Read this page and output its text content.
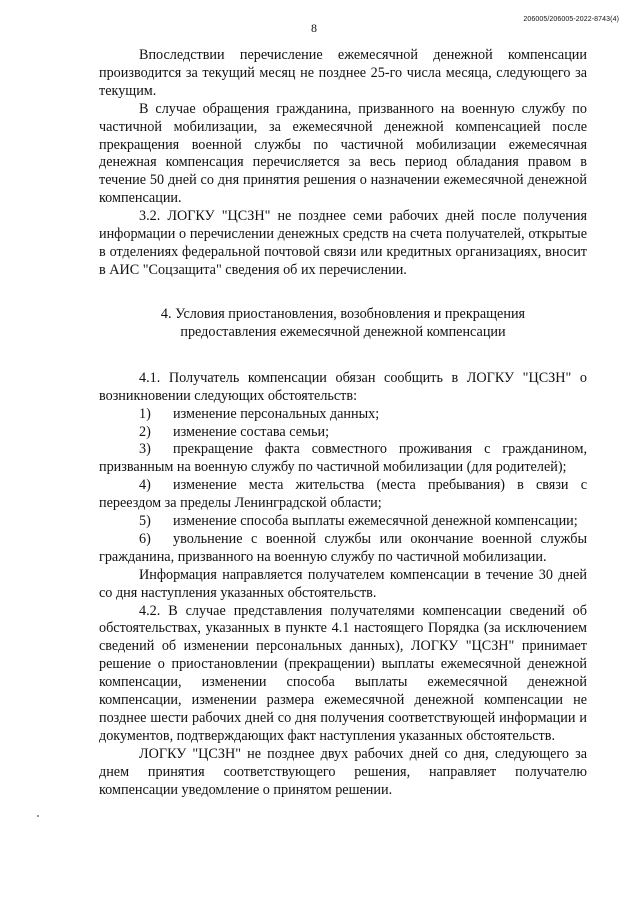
8
206005/206005-2022-8743(4)

Впоследствии перечисление ежемесячной денежной компенсации производится за текущий месяц не позднее 25-го числа месяца, следующего за текущим.

В случае обращения гражданина, призванного на военную службу по частичной мобилизации, за ежемесячной денежной компенсацией после прекращения военной службы по частичной мобилизации ежемесячная денежная компенсация перечисляется за весь период обладания правом в течение 50 дней со дня принятия решения о назначении ежемесячной денежной компенсации.

3.2. ЛОГКУ "ЦСЗН" не позднее семи рабочих дней после получения информации о перечислении денежных средств на счета получателей, открытые в отделениях федеральной почтовой связи или кредитных организациях, вносит в АИС "Соцзащита" сведения об их перечислении.

4. Условия приостановления, возобновления и прекращения
предоставления ежемесячной денежной компенсации

4.1. Получатель компенсации обязан сообщить в ЛОГКУ "ЦСЗН" о возникновении следующих обстоятельств:

1) изменение персональных данных;

2) изменение состава семьи;

3) прекращение факта совместного проживания с гражданином, призванным на военную службу по частичной мобилизации (для родителей);

4) изменение места жительства (места пребывания) в связи с переездом за пределы Ленинградской области;

5) изменение способа выплаты ежемесячной денежной компенсации;

6) увольнение с военной службы или окончание военной службы гражданина, призванного на военную службу по частичной мобилизации.

Информация направляется получателем компенсации в течение 30 дней со дня наступления указанных обстоятельств.

4.2. В случае представления получателями компенсации сведений об обстоятельствах, указанных в пункте 4.1 настоящего Порядка (за исключением сведений об изменении персональных данных), ЛОГКУ "ЦСЗН" принимает решение о приостановлении (прекращении) выплаты ежемесячной денежной компенсации, изменении способа выплаты ежемесячной денежной компенсации, изменении размера ежемесячной денежной компенсации не позднее шести рабочих дней со дня получения соответствующей информации и документов, подтверждающих факт наступления указанных обстоятельств.

ЛОГКУ "ЦСЗН" не позднее двух рабочих дней со дня, следующего за днем принятия соответствующего решения, направляет получателю компенсации уведомление о принятом решении.
